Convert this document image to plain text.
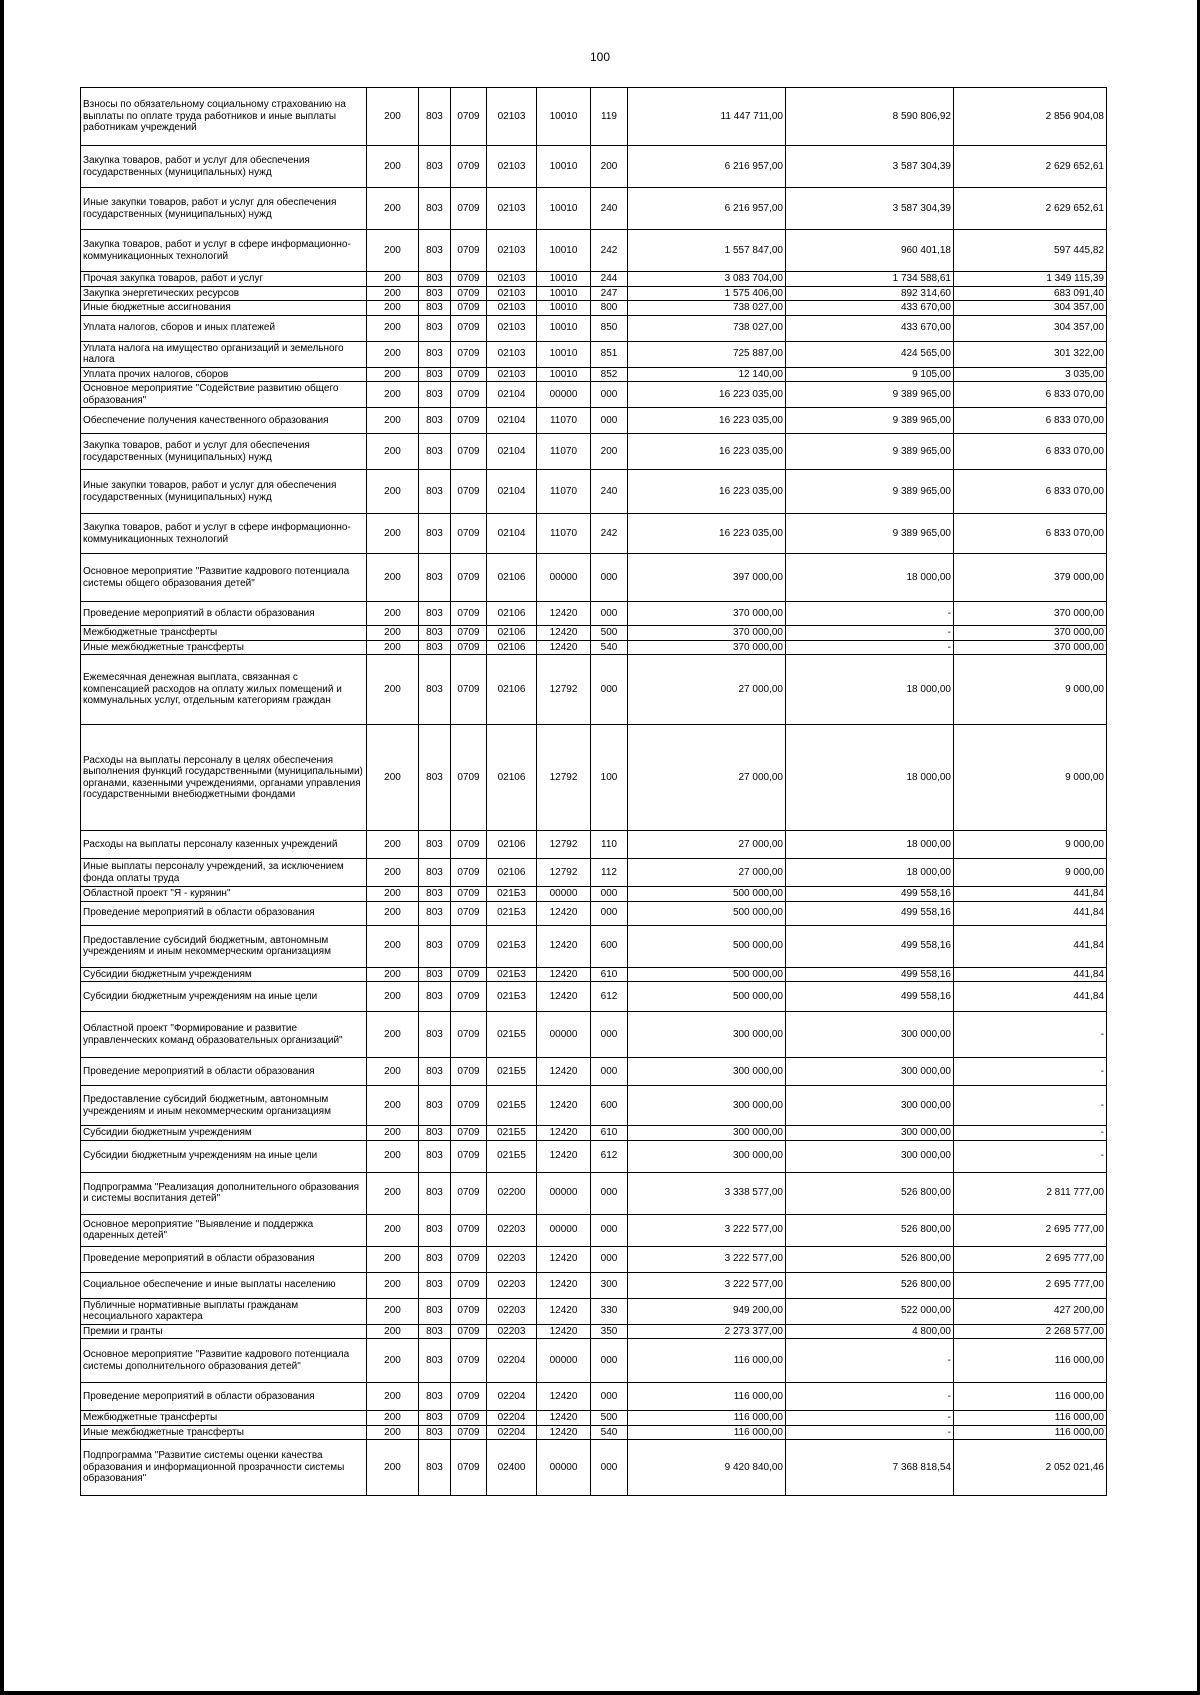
100
Взносы по обязательному социальному страхованию на выплаты по оплате труда работников и иные выплаты работникам учреждений	200	803	0709	02103	10010	119	11 447 711,00	8 590 806,92	2 856 904,08
Закупка товаров, работ и услуг для обеспечения государственных (муниципальных) нужд	200	803	0709	02103	10010	200	6 216 957,00	3 587 304,39	2 629 652,61
Иные закупки товаров, работ и услуг для обеспечения государственных (муниципальных) нужд	200	803	0709	02103	10010	240	6 216 957,00	3 587 304,39	2 629 652,61
Закупка товаров, работ и услуг в сфере информационно-коммуникационных технологий	200	803	0709	02103	10010	242	1 557 847,00	960 401,18	597 445,82
Прочая закупка товаров, работ и услуг	200	803	0709	02103	10010	244	3 083 704,00	1 734 588,61	1 349 115,39
Закупка энергетических ресурсов	200	803	0709	02103	10010	247	1 575 406,00	892 314,60	683 091,40
Иные бюджетные ассигнования	200	803	0709	02103	10010	800	738 027,00	433 670,00	304 357,00
Уплата налогов, сборов и иных платежей	200	803	0709	02103	10010	850	738 027,00	433 670,00	304 357,00
Уплата налога на имущество организаций и земельного налога	200	803	0709	02103	10010	851	725 887,00	424 565,00	301 322,00
Уплата прочих налогов, сборов	200	803	0709	02103	10010	852	12 140,00	9 105,00	3 035,00
Основное мероприятие "Содействие развитию общего образования"	200	803	0709	02104	00000	000	16 223 035,00	9 389 965,00	6 833 070,00
Обеспечение получения качественного образования	200	803	0709	02104	11070	000	16 223 035,00	9 389 965,00	6 833 070,00
Закупка товаров, работ и услуг для обеспечения государственных (муниципальных) нужд	200	803	0709	02104	11070	200	16 223 035,00	9 389 965,00	6 833 070,00
Иные закупки товаров, работ и услуг для обеспечения государственных (муниципальных) нужд	200	803	0709	02104	11070	240	16 223 035,00	9 389 965,00	6 833 070,00
Закупка товаров, работ и услуг в сфере информационно-коммуникационных технологий	200	803	0709	02104	11070	242	16 223 035,00	9 389 965,00	6 833 070,00
Основное мероприятие "Развитие кадрового потенциала системы общего образования детей"	200	803	0709	02106	00000	000	397 000,00	18 000,00	379 000,00
Проведение мероприятий в области образования	200	803	0709	02106	12420	000	370 000,00	-	370 000,00
Межбюджетные трансферты	200	803	0709	02106	12420	500	370 000,00	-	370 000,00
Иные межбюджетные трансферты	200	803	0709	02106	12420	540	370 000,00	-	370 000,00
Ежемесячная денежная выплата, связанная с компенсацией расходов на оплату жилых помещений и коммунальных услуг, отдельным категориям граждан	200	803	0709	02106	12792	000	27 000,00	18 000,00	9 000,00
Расходы на выплаты персоналу в целях обеспечения выполнения функций государственными (муниципальными) органами, казенными учреждениями, органами управления государственными внебюджетными фондами	200	803	0709	02106	12792	100	27 000,00	18 000,00	9 000,00
Расходы на выплаты персоналу казенных учреждений	200	803	0709	02106	12792	110	27 000,00	18 000,00	9 000,00
Иные выплаты персоналу учреждений, за исключением фонда оплаты труда	200	803	0709	02106	12792	112	27 000,00	18 000,00	9 000,00
Областной проект "Я - курянин"	200	803	0709	021Б3	00000	000	500 000,00	499 558,16	441,84
Проведение мероприятий в области образования	200	803	0709	021Б3	12420	000	500 000,00	499 558,16	441,84
Предоставление субсидий бюджетным, автономным учреждениям и иным некоммерческим организациям	200	803	0709	021Б3	12420	600	500 000,00	499 558,16	441,84
Субсидии бюджетным учреждениям	200	803	0709	021Б3	12420	610	500 000,00	499 558,16	441,84
Субсидии бюджетным учреждениям на иные цели	200	803	0709	021Б3	12420	612	500 000,00	499 558,16	441,84
Областной проект "Формирование и развитие управленческих команд образовательных организаций"	200	803	0709	021Б5	00000	000	300 000,00	300 000,00	-
Проведение мероприятий в области образования	200	803	0709	021Б5	12420	000	300 000,00	300 000,00	-
Предоставление субсидий бюджетным, автономным учреждениям и иным некоммерческим организациям	200	803	0709	021Б5	12420	600	300 000,00	300 000,00	-
Субсидии бюджетным учреждениям	200	803	0709	021Б5	12420	610	300 000,00	300 000,00	-
Субсидии бюджетным учреждениям на иные цели	200	803	0709	021Б5	12420	612	300 000,00	300 000,00	-
Подпрограмма "Реализация дополнительного образования и системы воспитания детей"	200	803	0709	02200	00000	000	3 338 577,00	526 800,00	2 811 777,00
Основное мероприятие "Выявление и поддержка одаренных детей"	200	803	0709	02203	00000	000	3 222 577,00	526 800,00	2 695 777,00
Проведение мероприятий в области образования	200	803	0709	02203	12420	000	3 222 577,00	526 800,00	2 695 777,00
Социальное обеспечение и иные выплаты населению	200	803	0709	02203	12420	300	3 222 577,00	526 800,00	2 695 777,00
Публичные нормативные выплаты гражданам несоциального характера	200	803	0709	02203	12420	330	949 200,00	522 000,00	427 200,00
Премии и гранты	200	803	0709	02203	12420	350	2 273 377,00	4 800,00	2 268 577,00
Основное мероприятие "Развитие кадрового потенциала системы дополнительного образования детей"	200	803	0709	02204	00000	000	116 000,00	-	116 000,00
Проведение мероприятий в области образования	200	803	0709	02204	12420	000	116 000,00	-	116 000,00
Межбюджетные трансферты	200	803	0709	02204	12420	500	116 000,00	-	116 000,00
Иные межбюджетные трансферты	200	803	0709	02204	12420	540	116 000,00	-	116 000,00
Подпрограмма "Развитие системы оценки качества образования и информационной прозрачности системы образования"	200	803	0709	02400	00000	000	9 420 840,00	7 368 818,54	2 052 021,46
